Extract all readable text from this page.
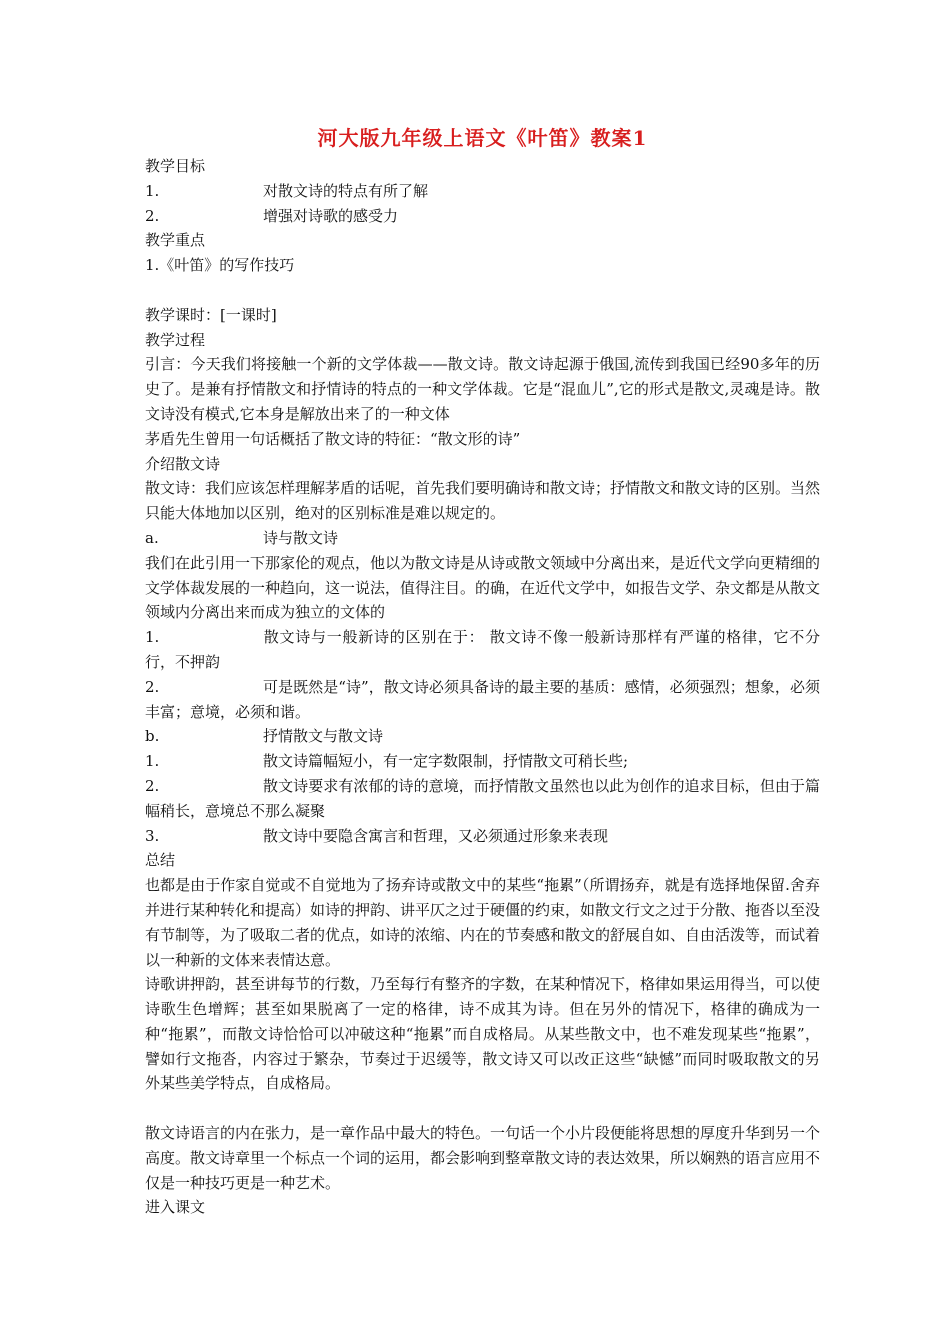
河大版九年级上语文《叶笛》教案1

教学目标

1.	对散文诗的特点有所了解
2.	增强对诗歌的感受力

教学重点

1.《叶笛》的写作技巧

教学课时：[一课时]

教学过程

引言：今天我们将接触一个新的文学体裁——散文诗。散文诗起源于俄国,流传到我国已经90多年的历史了。是兼有抒情散文和抒情诗的特点的一种文学体裁。它是“混血儿”,它的形式是散文,灵魂是诗。散文诗没有模式,它本身是解放出来了的一种文体

茅盾先生曾用一句话概括了散文诗的特征：“散文形的诗”

介绍散文诗

散文诗：我们应该怎样理解茅盾的话呢，首先我们要明确诗和散文诗；抒情散文和散文诗的区别。当然只能大体地加以区别，绝对的区别标准是难以规定的。

a.	诗与散文诗

我们在此引用一下那家伦的观点，他以为散文诗是从诗或散文领域中分离出来，是近代文学向更精细的文学体裁发展的一种趋向，这一说法，值得注目。的确，在近代文学中，如报告文学、杂文都是从散文领域内分离出来而成为独立的文体的

1.	散文诗与一般新诗的区别在于： 散文诗不像一般新诗那样有严谨的格律，它不分行，不押韵

2.	可是既然是“诗”，散文诗必须具备诗的最主要的基质：感情，必须强烈；想象，必须丰富；意境，必须和谐。

b.	抒情散文与散文诗

1.	散文诗篇幅短小，有一定字数限制，抒情散文可稍长些;

2.	散文诗要求有浓郁的诗的意境，而抒情散文虽然也以此为创作的追求目标，但由于篇幅稍长，意境总不那么凝聚

3.	散文诗中要隐含寓言和哲理，又必须通过形象来表现

总结

也都是由于作家自觉或不自觉地为了扬弃诗或散文中的某些“拖累”（所谓扬弃，就是有选择地保留.舍弃并进行某种转化和提高）如诗的押韵、讲平仄之过于硬僵的约束，如散文行文之过于分散、拖沓以至没有节制等，为了吸取二者的优点，如诗的浓缩、内在的节奏感和散文的舒展自如、自由活泼等，而试着以一种新的文体来表情达意。

诗歌讲押韵，甚至讲每节的行数，乃至每行有整齐的字数，在某种情况下，格律如果运用得当，可以使诗歌生色增辉；甚至如果脱离了一定的格律，诗不成其为诗。但在另外的情况下，格律的确成为一种“拖累”，而散文诗恰恰可以冲破这种“拖累”而自成格局。从某些散文中，也不难发现某些“拖累”，譬如行文拖沓，内容过于繁杂，节奏过于迟缓等，散文诗又可以改正这些“缺憾”而同时吸取散文的另外某些美学特点，自成格局。

散文诗语言的内在张力，是一章作品中最大的特色。一句话一个小片段便能将思想的厚度升华到另一个高度。散文诗章里一个标点一个词的运用，都会影响到整章散文诗的表达效果，所以娴熟的语言应用不仅是一种技巧更是一种艺术。

进入课文
